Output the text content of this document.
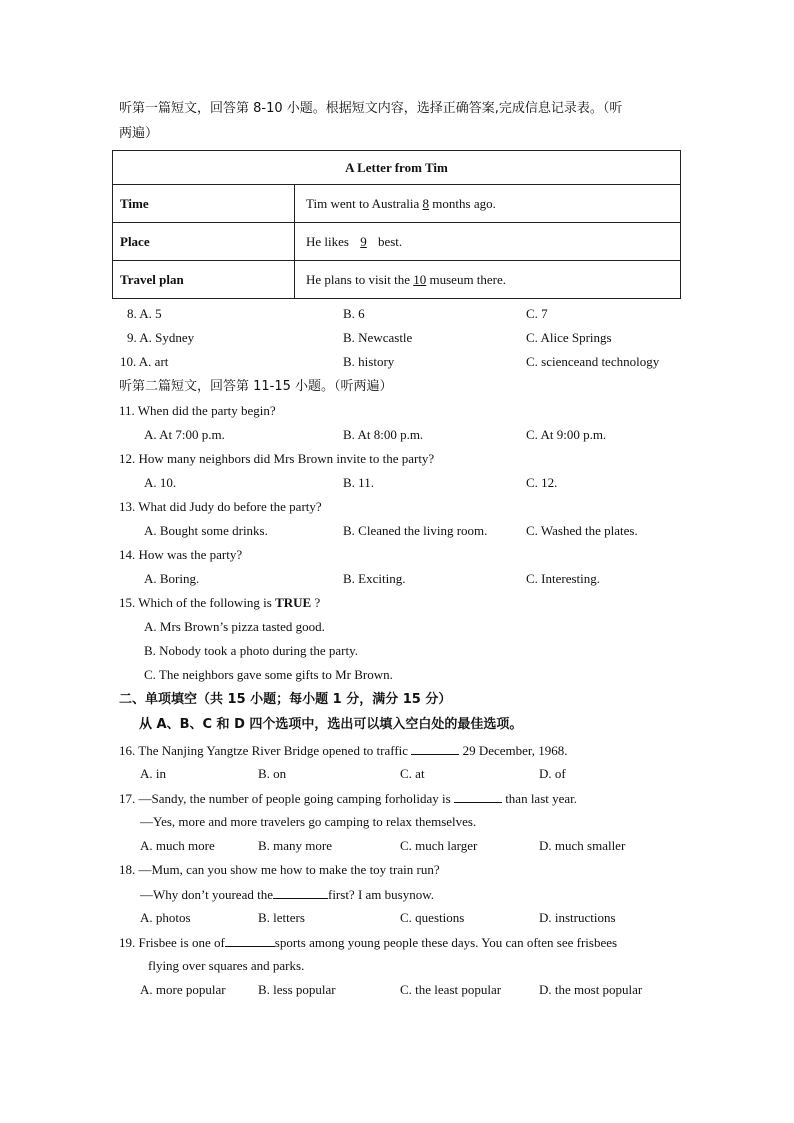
听第一篇短文，回答第 8-10 小题。根据短文内容，选择正确答案,完成信息记录表。（听
两遍）
A Letter from Tim	
Time	Tim went to Australia 8 months ago.
Place	He likes 9 best.
Travel plan	He plans to visit the 10 museum there.
8. A. 5	B. 6	C. 7
9. A. Sydney	B. Newcastle	C. Alice Springs
10. A. art	B. history	C. scienceand technology
听第二篇短文，回答第 11-15 小题。（听两遍）
11. When did the party begin?
A. At 7:00 p.m.	B. At 8:00 p.m.	C. At 9:00 p.m.
12. How many neighbors did Mrs Brown invite to the party?
A. 10.	B. 11.	C. 12.
13. What did Judy do before the party?
A. Bought some drinks.	B. Cleaned the living room.	C. Washed the plates.
14. How was the party?
A. Boring.	B. Exciting.	C. Interesting.
15. Which of the following is TRUE ?
A. Mrs Brown’s pizza tasted good.
B. Nobody took a photo during the party.
C. The neighbors gave some gifts to Mr Brown.
二、单项填空（共 15 小题；每小题 1 分，满分 15 分）
从 A、B、C 和 D 四个选项中，选出可以填入空白处的最佳选项。
16. The Nanjing Yangtze River Bridge opened to traffic	29 December, 1968.
A. in	B. on	C. at	D. of
17. —Sandy, the number of people going camping forholiday is	than last year.
—Yes, more and more travelers go camping to relax themselves.
A. much more	B. many more	C. much larger	D. much smaller
18. —Mum, can you show me how to make the toy train run?
—Why don’t youread the	first? I am busynow.
A. photos	B. letters	C. questions	D. instructions
19. Frisbee is one of	sports among young people these days. You can often see frisbees
flying over squares and parks.
A. more popular B. less popular	C. the least popular	D. the most popular
